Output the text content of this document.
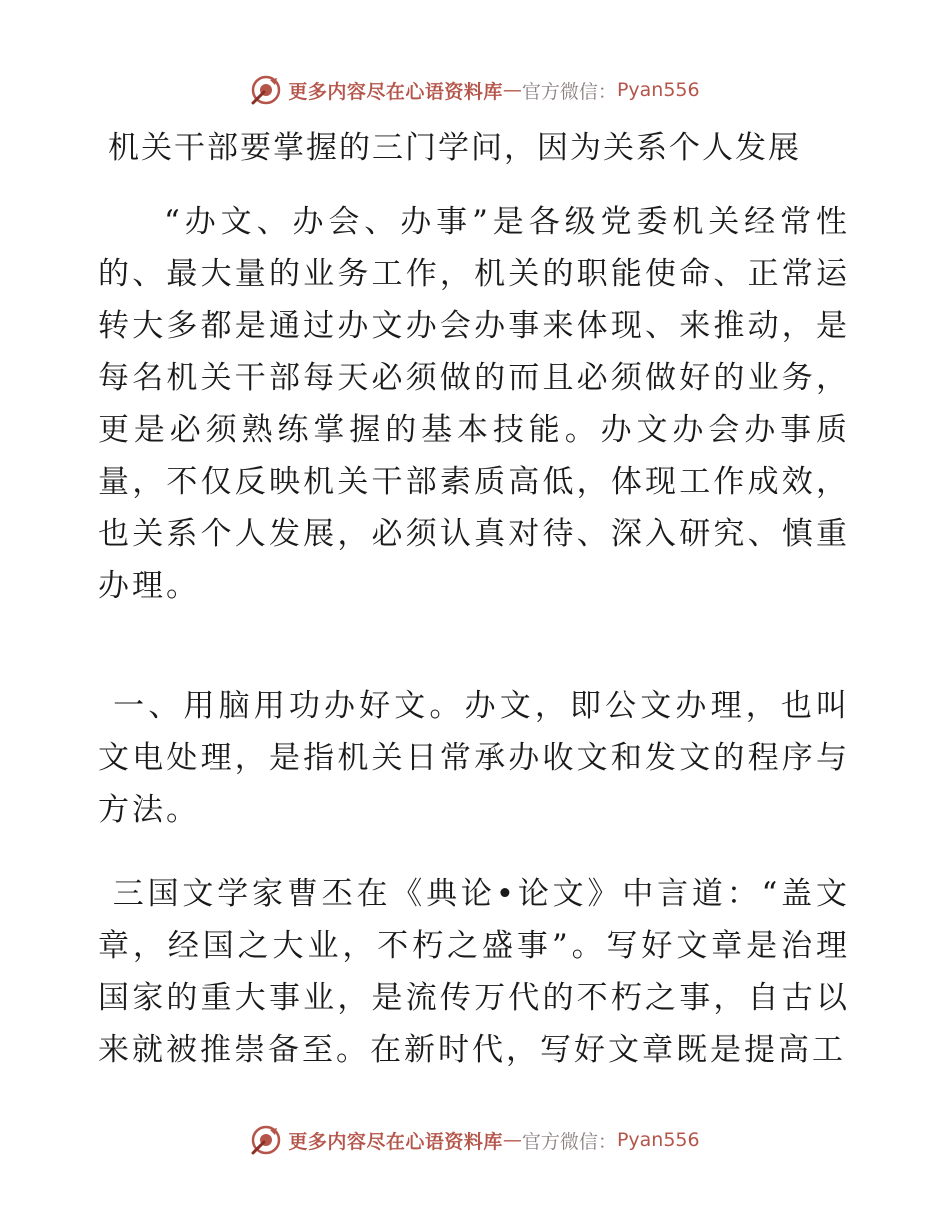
更多内容尽在心语资料库 — 官方微信： Pyan556
机关干部要掌握的三门学问，因为关系个人发展
“办文、办会、办事”是各级党委机关经常性的、最大量的业务工作，机关的职能使命、正常运转大多都是通过办文办会办事来体现、来推动，是每名机关干部每天必须做的而且必须做好的业务，更是必须熟练掌握的基本技能。办文办会办事质量，不仅反映机关干部素质高低，体现工作成效，也关系个人发展，必须认真对待、深入研究、慎重办理。
一、用脑用功办好文。办文，即公文办理，也叫文电处理，是指机关日常承办收文和发文的程序与方法。
三国文学家曹丕在《典论•论文》中言道：“盖文章，经国之大业，不朽之盛事”。写好文章是治理国家的重大事业，是流传万代的不朽之事，自古以来就被推崇备至。在新时代，写好文章既是提高工
更多内容尽在心语资料库 — 官方微信： Pyan556
